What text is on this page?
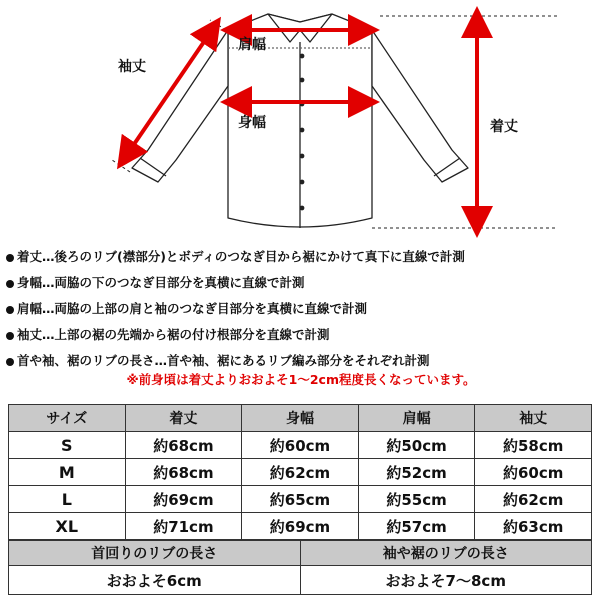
袖丈
肩幅
身幅	着丈
着丈…後ろのリブ(襟部分)とボディのつなぎ目から裾にかけて真下に直線で計測
身幅…両脇の下のつなぎ目部分を真横に直線で計測
肩幅…両脇の上部の肩と袖のつなぎ目部分を真横に直線で計測
袖丈…上部の裾の先端から裾の付け根部分を直線で計測
首や袖、裾のリブの長さ…首や袖、裾にあるリブ編み部分をそれぞれ計測
※前身頃は着丈よりおおよそ1～2cm程度長くなっています。
サイズ	着丈	身幅	肩幅	袖丈
S	約68cm	約60cm	約50cm	約58cm
M	約68cm	約62cm	約52cm	約60cm
L	約69cm	約65cm	約55cm	約62cm
XL	約71cm	約69cm	約57cm	約63cm
首回りのリブの長さ	袖や裾のリブの長さ
おおよそ6cm	おおよそ7〜8cm
